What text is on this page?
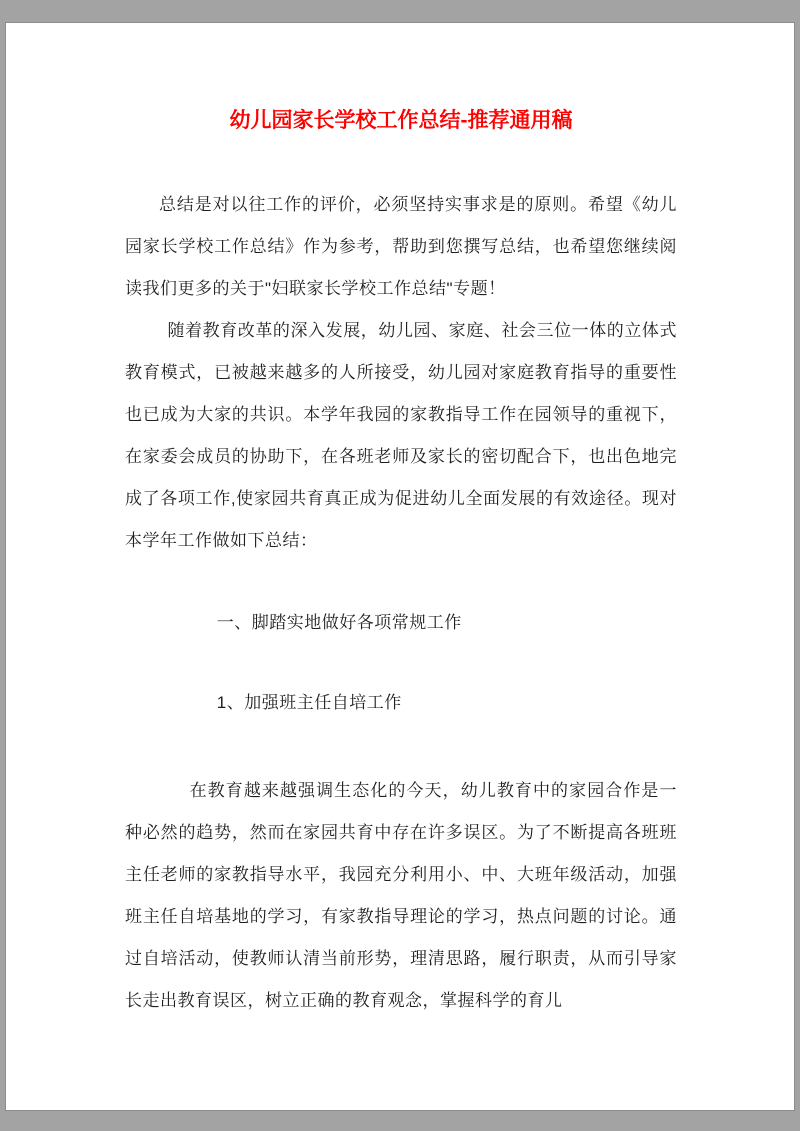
幼儿园家长学校工作总结-推荐通用稿

总结是对以往工作的评价，必须坚持实事求是的原则。希望《幼儿园家长学校工作总结》作为参考，帮助到您撰写总结，也希望您继续阅读我们更多的关于"妇联家长学校工作总结"专题！

随着教育改革的深入发展，幼儿园、家庭、社会三位一体的立体式教育模式，已被越来越多的人所接受，幼儿园对家庭教育指导的重要性也已成为大家的共识。本学年我园的家教指导工作在园领导的重视下，在家委会成员的协助下，在各班老师及家长的密切配合下，也出色地完成了各项工作,使家园共育真正成为促进幼儿全面发展的有效途径。现对本学年工作做如下总结：

一、脚踏实地做好各项常规工作

1、加强班主任自培工作

在教育越来越强调生态化的今天，幼儿教育中的家园合作是一种必然的趋势，然而在家园共育中存在许多误区。为了不断提高各班班主任老师的家教指导水平，我园充分利用小、中、大班年级活动，加强班主任自培基地的学习，有家教指导理论的学习，热点问题的讨论。通过自培活动，使教师认清当前形势，理清思路，履行职责，从而引导家长走出教育误区，树立正确的教育观念，掌握科学的育儿
